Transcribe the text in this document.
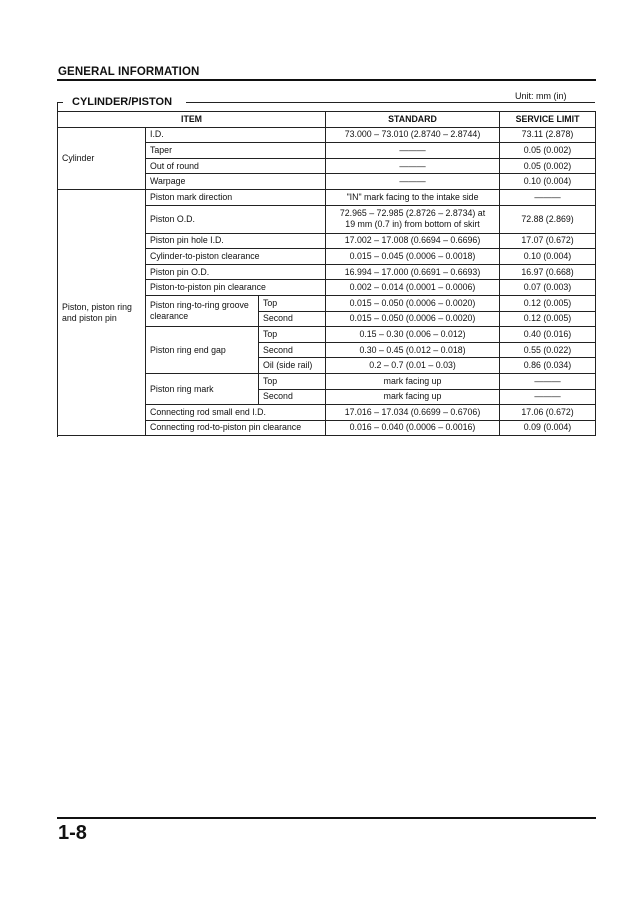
GENERAL INFORMATION
Unit: mm (in)
CYLINDER/PISTON
ITEM			STANDARD	SERVICE LIMIT
Cylinder	I.D.		73.000 – 73.010 (2.8740 – 2.8744)	73.11 (2.878)
	Taper		———	0.05 (0.002)
	Out of round		———	0.05 (0.002)
	Warpage		———	0.10 (0.004)
Piston, piston ring and piston pin	Piston mark direction		"IN" mark facing to the intake side	———
	Piston O.D.		72.965 – 72.985 (2.8726 – 2.8734) at
19 mm (0.7 in) from bottom of skirt	72.88 (2.869)
	Piston pin hole I.D.		17.002 – 17.008 (0.6694 – 0.6696)	17.07 (0.672)
	Cylinder-to-piston clearance		0.015 – 0.045 (0.0006 – 0.0018)	0.10 (0.004)
	Piston pin O.D.		16.994 – 17.000 (0.6691 – 0.6693)	16.97 (0.668)
	Piston-to-piston pin clearance		0.002 – 0.014 (0.0001 – 0.0006)	0.07 (0.003)
	Piston ring-to-ring groove clearance	Top	0.015 – 0.050 (0.0006 – 0.0020)	0.12 (0.005)
		Second	0.015 – 0.050 (0.0006 – 0.0020)	0.12 (0.005)
	Piston ring end gap	Top	0.15 – 0.30 (0.006 – 0.012)	0.40 (0.016)
		Second	0.30 – 0.45 (0.012 – 0.018)	0.55 (0.022)
		Oil (side rail)	0.2 – 0.7 (0.01 – 0.03)	0.86 (0.034)
	Piston ring mark	Top	mark facing up	———
		Second	mark facing up	———
	Connecting rod small end I.D.		17.016 – 17.034 (0.6699 – 0.6706)	17.06 (0.672)
	Connecting rod-to-piston pin clearance		0.016 – 0.040 (0.0006 – 0.0016)	0.09 (0.004)
1-8
